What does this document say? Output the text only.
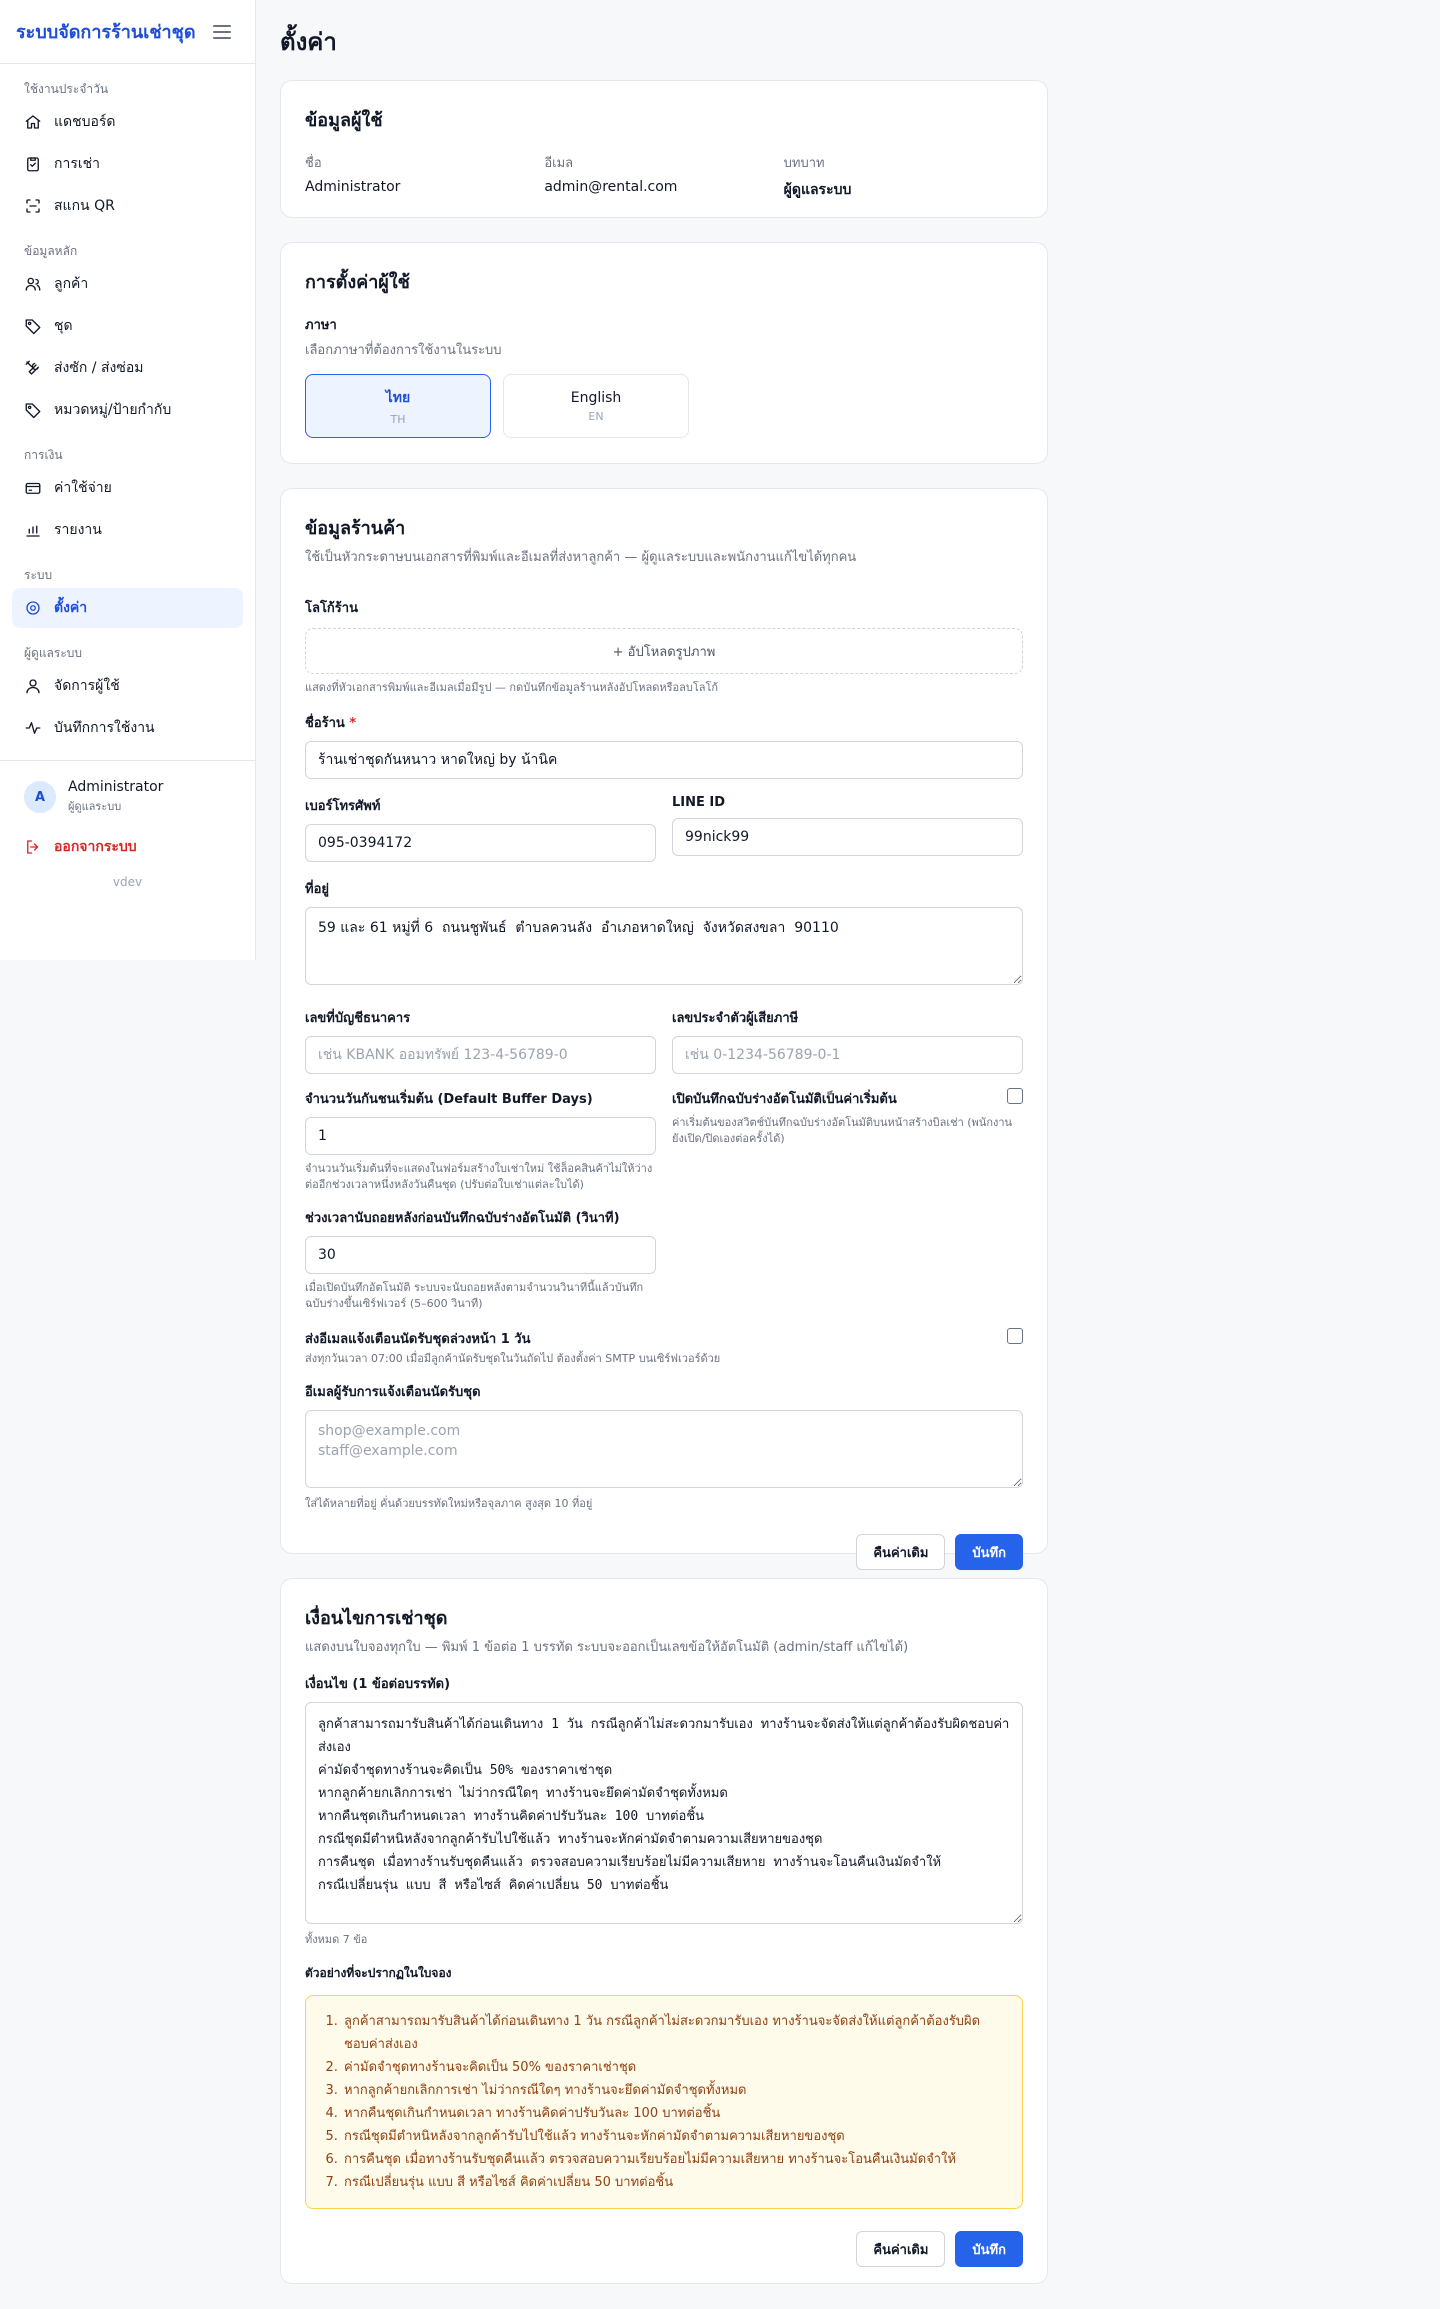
ระบบจัดการร้านเช่าชุด
ใช้งานประจำวัน
แดชบอร์ด
การเช่า
สแกน QR
ข้อมูลหลัก
ลูกค้า
ชุด
ส่งซัก / ส่งซ่อม
หมวดหมู่/ป้ายกำกับ
การเงิน
ค่าใช้จ่าย
รายงาน
ระบบ
ตั้งค่า
ผู้ดูแลระบบ
จัดการผู้ใช้
บันทึกการใช้งาน
A
Administrator
ผู้ดูแลระบบ
ออกจากระบบ
vdev
ตั้งค่า
ข้อมูลผู้ใช้
ชื่อ
Administrator
อีเมล
admin@rental.com
บทบาท
ผู้ดูแลระบบ
การตั้งค่าผู้ใช้
ภาษา
เลือกภาษาที่ต้องการใช้งานในระบบ
ไทย
TH
English
EN
ข้อมูลร้านค้า
ใช้เป็นหัวกระดาษบนเอกสารที่พิมพ์และอีเมลที่ส่งหาลูกค้า — ผู้ดูแลระบบและพนักงานแก้ไขได้ทุกคน
โลโก้ร้าน
+ อัปโหลดรูปภาพ
แสดงที่หัวเอกสารพิมพ์และอีเมลเมื่อมีรูป — กดบันทึกข้อมูลร้านหลังอัปโหลดหรือลบโลโก้
ชื่อร้าน *
ร้านเช่าชุดกันหนาว หาดใหญ่ by น้านิค
เบอร์โทรศัพท์
095-0394172	LINE ID
99nick99
ที่อยู่
59 และ 61 หมู่ที่ 6 ถนนชูพันธ์ ตำบลควนลัง อำเภอหาดใหญ่ จังหวัดสงขลา 90110
เลขที่บัญชีธนาคาร
เช่น KBANK ออมทรัพย์ 123-4-56789-0	เลขประจำตัวผู้เสียภาษี
เช่น 0-1234-56789-0-1
จำนวนวันกันชนเริ่มต้น (Default Buffer Days)
1
จำนวนวันเริ่มต้นที่จะแสดงในฟอร์มสร้างใบเช่าใหม่ ใช้ล็อคสินค้าไม่ให้ว่างต่ออีกช่วงเวลาหนึ่งหลังวันคืนชุด (ปรับต่อใบเช่าแต่ละใบได้)
เปิดบันทึกฉบับร่างอัตโนมัติเป็นค่าเริ่มต้น
ค่าเริ่มต้นของสวิตช์บันทึกฉบับร่างอัตโนมัติบนหน้าสร้างบิลเช่า (พนักงานยังเปิด/ปิดเองต่อครั้งได้)
ช่วงเวลานับถอยหลังก่อนบันทึกฉบับร่างอัตโนมัติ (วินาที)
30
เมื่อเปิดบันทึกอัตโนมัติ ระบบจะนับถอยหลังตามจำนวนวินาทีนี้แล้วบันทึกฉบับร่างขึ้นเซิร์ฟเวอร์ (5–600 วินาที)
ส่งอีเมลแจ้งเตือนนัดรับชุดล่วงหน้า 1 วัน
ส่งทุกวันเวลา 07:00 เมื่อมีลูกค้านัดรับชุดในวันถัดไป ต้องตั้งค่า SMTP บนเซิร์ฟเวอร์ด้วย
อีเมลผู้รับการแจ้งเตือนนัดรับชุด
shop@example.com staff@example.com
ใส่ได้หลายที่อยู่ คั่นด้วยบรรทัดใหม่หรือจุลภาค สูงสุด 10 ที่อยู่
คืนค่าเดิม	บันทึก
เงื่อนไขการเช่าชุด
แสดงบนใบจองทุกใบ — พิมพ์ 1 ข้อต่อ 1 บรรทัด ระบบจะออกเป็นเลขข้อให้อัตโนมัติ (admin/staff แก้ไขได้)
เงื่อนไข (1 ข้อต่อบรรทัด)
ลูกค้าสามารถมารับสินค้าได้ก่อนเดินทาง 1 วัน กรณีลูกค้าไม่สะดวกมารับเอง ทางร้านจะจัดส่งให้แต่ลูกค้าต้องรับผิดชอบค่าส่งเอง ค่ามัดจำชุดทางร้านจะคิดเป็น 50% ของราคาเช่าชุด หากลูกค้ายกเลิกการเช่า ไม่ว่ากรณีใดๆ ทางร้านจะยึดค่ามัดจำชุดทั้งหมด หากคืนชุดเกินกำหนดเวลา ทางร้านคิดค่าปรับวันละ 100 บาทต่อชิ้น กรณีชุดมีตำหนิหลังจากลูกค้ารับไปใช้แล้ว ทางร้านจะหักค่ามัดจำตามความเสียหายของชุด การคืนชุด เมื่อทางร้านรับชุดคืนแล้ว ตรวจสอบความเรียบร้อยไม่มีความเสียหาย ทางร้านจะโอนคืนเงินมัดจำให้ กรณีเปลี่ยนรุ่น แบบ สี หรือไซส์ คิดค่าเปลี่ยน 50 บาทต่อชิ้น
ทั้งหมด 7 ข้อ
ตัวอย่างที่จะปรากฏในใบจอง
1. ลูกค้าสามารถมารับสินค้าได้ก่อนเดินทาง 1 วัน กรณีลูกค้าไม่สะดวกมารับเอง ทางร้านจะจัดส่งให้แต่ลูกค้าต้องรับผิดชอบค่าส่งเอง
2. ค่ามัดจำชุดทางร้านจะคิดเป็น 50% ของราคาเช่าชุด
3. หากลูกค้ายกเลิกการเช่า ไม่ว่ากรณีใดๆ ทางร้านจะยึดค่ามัดจำชุดทั้งหมด
4. หากคืนชุดเกินกำหนดเวลา ทางร้านคิดค่าปรับวันละ 100 บาทต่อชิ้น
5. กรณีชุดมีตำหนิหลังจากลูกค้ารับไปใช้แล้ว ทางร้านจะหักค่ามัดจำตามความเสียหายของชุด
6. การคืนชุด เมื่อทางร้านรับชุดคืนแล้ว ตรวจสอบความเรียบร้อยไม่มีความเสียหาย ทางร้านจะโอนคืนเงินมัดจำให้
7. กรณีเปลี่ยนรุ่น แบบ สี หรือไซส์ คิดค่าเปลี่ยน 50 บาทต่อชิ้น
คืนค่าเดิม	บันทึก
